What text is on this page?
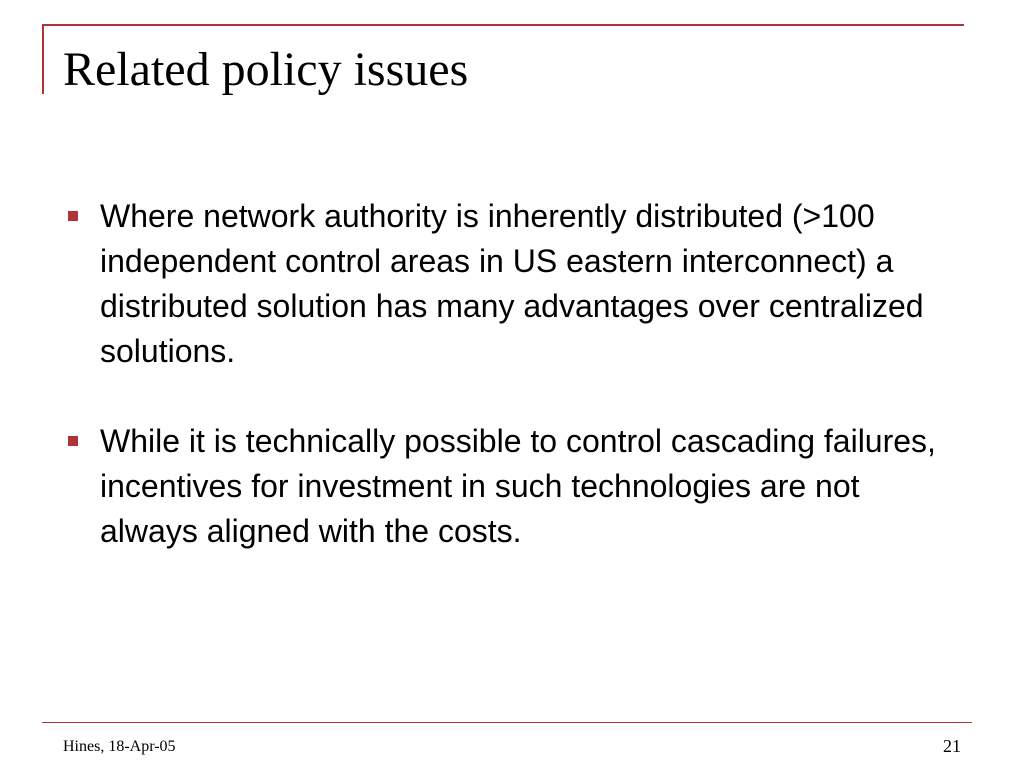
Related policy issues
Where network authority is inherently distributed (>100 independent control areas in US eastern interconnect) a distributed solution has many advantages over centralized solutions.
While it is technically possible to control cascading failures, incentives for investment in such technologies are not always aligned with the costs.
Hines, 18-Apr-05	21
